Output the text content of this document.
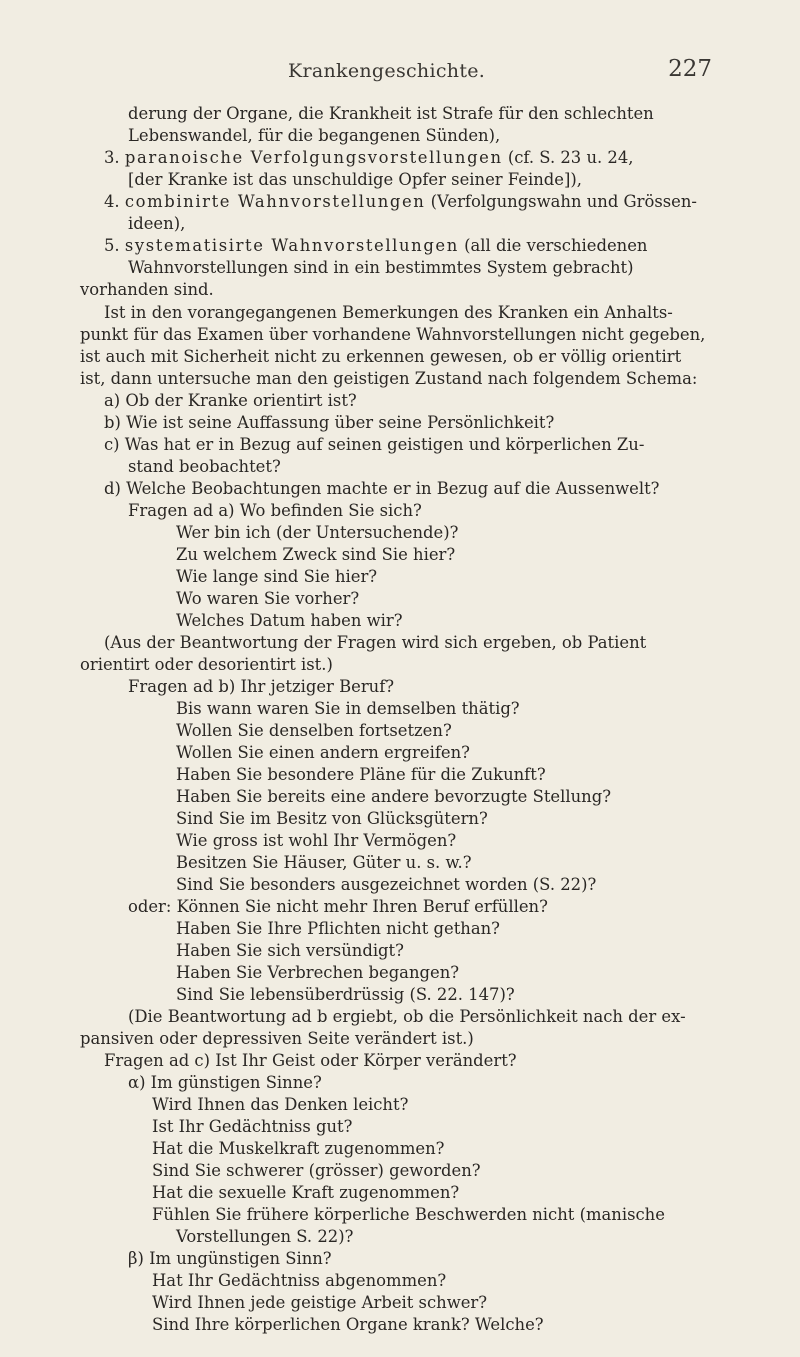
Krankengeschichte.	227
derung der Organe, die Krankheit ist Strafe für den schlechten
Lebenswandel, für die begangenen Sünden),
3. paranoische Verfolgungsvorstellungen (cf. S. 23 u. 24,
[der Kranke ist das unschuldige Opfer seiner Feinde]),
4. combinirte Wahnvorstellungen (Verfolgungswahn und Grössen-
ideen),
5. systematisirte Wahnvorstellungen (all die verschiedenen
Wahnvorstellungen sind in ein bestimmtes System gebracht)
vorhanden sind.
Ist in den vorangegangenen Bemerkungen des Kranken ein Anhalts-
punkt für das Examen über vorhandene Wahnvorstellungen nicht gegeben,
ist auch mit Sicherheit nicht zu erkennen gewesen, ob er völlig orientirt
ist, dann untersuche man den geistigen Zustand nach folgendem Schema:
a) Ob der Kranke orientirt ist?
b) Wie ist seine Auffassung über seine Persönlichkeit?
c) Was hat er in Bezug auf seinen geistigen und körperlichen Zu-
stand beobachtet?
d) Welche Beobachtungen machte er in Bezug auf die Aussenwelt?
Fragen ad a) Wo befinden Sie sich?
Wer bin ich (der Untersuchende)?
Zu welchem Zweck sind Sie hier?
Wie lange sind Sie hier?
Wo waren Sie vorher?
Welches Datum haben wir?
(Aus der Beantwortung der Fragen wird sich ergeben, ob Patient
orientirt oder desorientirt ist.)
Fragen ad b) Ihr jetziger Beruf?
Bis wann waren Sie in demselben thätig?
Wollen Sie denselben fortsetzen?
Wollen Sie einen andern ergreifen?
Haben Sie besondere Pläne für die Zukunft?
Haben Sie bereits eine andere bevorzugte Stellung?
Sind Sie im Besitz von Glücksgütern?
Wie gross ist wohl Ihr Vermögen?
Besitzen Sie Häuser, Güter u. s. w.?
Sind Sie besonders ausgezeichnet worden (S. 22)?
oder: Können Sie nicht mehr Ihren Beruf erfüllen?
Haben Sie Ihre Pflichten nicht gethan?
Haben Sie sich versündigt?
Haben Sie Verbrechen begangen?
Sind Sie lebensüberdrüssig (S. 22. 147)?
(Die Beantwortung ad b ergiebt, ob die Persönlichkeit nach der ex-
pansiven oder depressiven Seite verändert ist.)
Fragen ad c) Ist Ihr Geist oder Körper verändert?
α) Im günstigen Sinne?
Wird Ihnen das Denken leicht?
Ist Ihr Gedächtniss gut?
Hat die Muskelkraft zugenommen?
Sind Sie schwerer (grösser) geworden?
Hat die sexuelle Kraft zugenommen?
Fühlen Sie frühere körperliche Beschwerden nicht (manische
Vorstellungen S. 22)?
β) Im ungünstigen Sinn?
Hat Ihr Gedächtniss abgenommen?
Wird Ihnen jede geistige Arbeit schwer?
Sind Ihre körperlichen Organe krank? Welche?
